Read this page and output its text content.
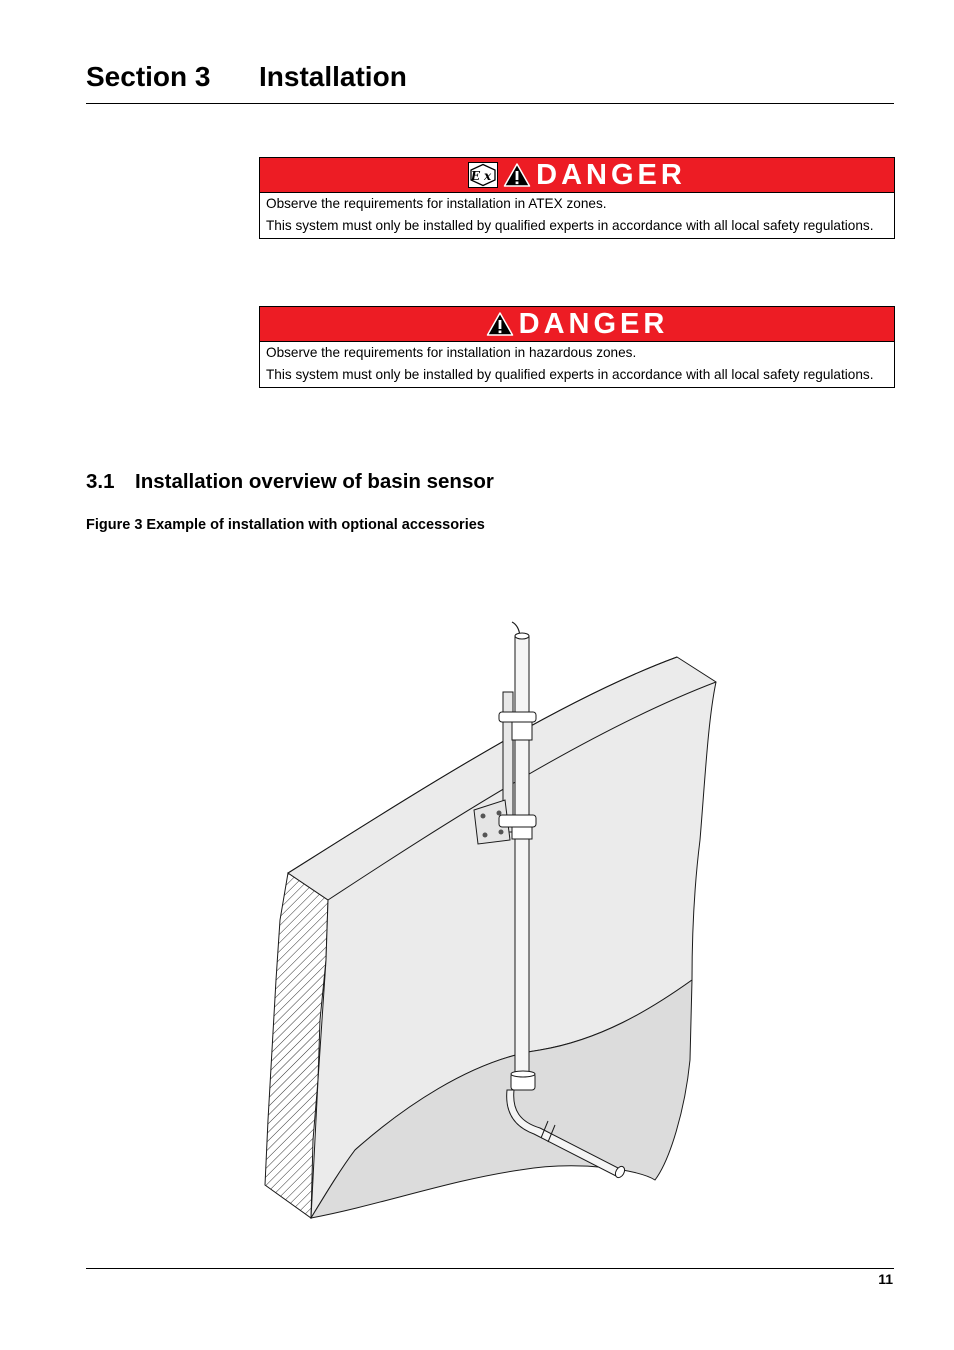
Section 3 Installation
Ex DANGER

Observe the requirements for installation in ATEX zones.

This system must only be installed by qualified experts in accordance with all local safety regulations.

DANGER

Observe the requirements for installation in hazardous zones.

This system must only be installed by qualified experts in accordance with all local safety regulations.

3.1 Installation overview of basin sensor
Figure 3 Example of installation with optional accessories
11
